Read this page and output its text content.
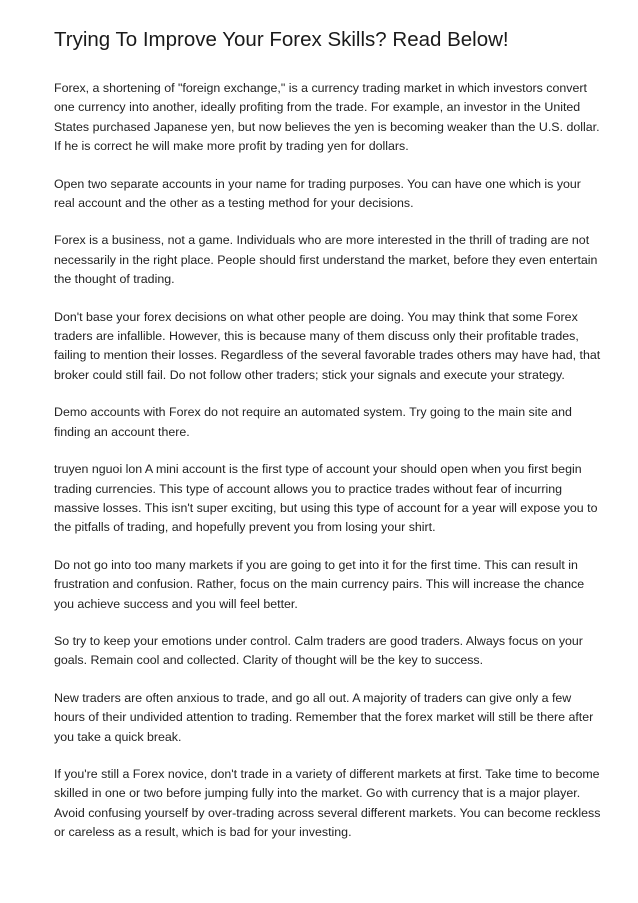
Trying To Improve Your Forex Skills? Read Below!

Forex, a shortening of "foreign exchange," is a currency trading market in which investors convert one currency into another, ideally profiting from the trade. For example, an investor in the United States purchased Japanese yen, but now believes the yen is becoming weaker than the U.S. dollar. If he is correct he will make more profit by trading yen for dollars.

Open two separate accounts in your name for trading purposes. You can have one which is your real account and the other as a testing method for your decisions.

Forex is a business, not a game. Individuals who are more interested in the thrill of trading are not necessarily in the right place. People should first understand the market, before they even entertain the thought of trading.

Don't base your forex decisions on what other people are doing. You may think that some Forex traders are infallible. However, this is because many of them discuss only their profitable trades, failing to mention their losses. Regardless of the several favorable trades others may have had, that broker could still fail. Do not follow other traders; stick your signals and execute your strategy.

Demo accounts with Forex do not require an automated system. Try going to the main site and finding an account there.

truyen nguoi lon A mini account is the first type of account your should open when you first begin trading currencies. This type of account allows you to practice trades without fear of incurring massive losses. This isn't super exciting, but using this type of account for a year will expose you to the pitfalls of trading, and hopefully prevent you from losing your shirt.

Do not go into too many markets if you are going to get into it for the first time. This can result in frustration and confusion. Rather, focus on the main currency pairs. This will increase the chance you achieve success and you will feel better.

So try to keep your emotions under control. Calm traders are good traders. Always focus on your goals. Remain cool and collected. Clarity of thought will be the key to success.

New traders are often anxious to trade, and go all out. A majority of traders can give only a few hours of their undivided attention to trading. Remember that the forex market will still be there after you take a quick break.

If you're still a Forex novice, don't trade in a variety of different markets at first. Take time to become skilled in one or two before jumping fully into the market. Go with currency that is a major player. Avoid confusing yourself by over-trading across several different markets. You can become reckless or careless as a result, which is bad for your investing.
